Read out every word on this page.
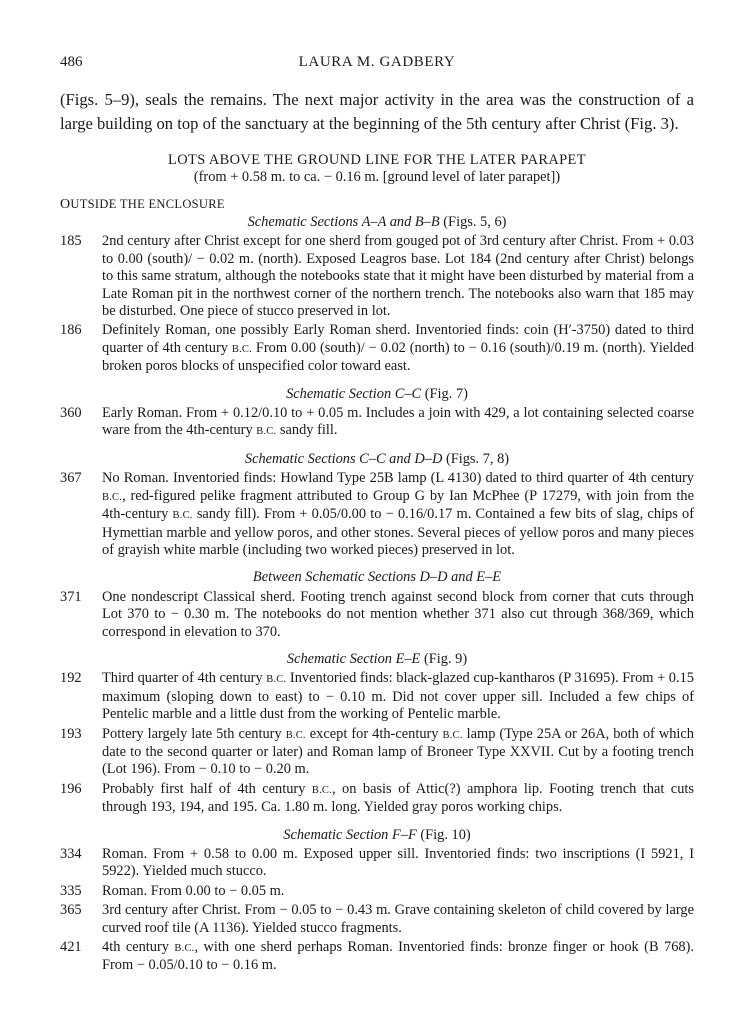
486	LAURA M. GADBERY

(Figs. 5–9), seals the remains. The next major activity in the area was the construction of a large building on top of the sanctuary at the beginning of the 5th century after Christ (Fig. 3).

LOTS ABOVE THE GROUND LINE FOR THE LATER PARAPET
(from + 0.58 m. to ca. − 0.16 m. [ground level of later parapet])
OUTSIDE THE ENCLOSURE
Schematic Sections A–A and B–B (Figs. 5, 6)
185 2nd century after Christ except for one sherd from gouged pot of 3rd century after Christ. From + 0.03 to 0.00 (south)/ − 0.02 m. (north). Exposed Leagros base. Lot 184 (2nd century after Christ) belongs to this same stratum, although the notebooks state that it might have been disturbed by material from a Late Roman pit in the northwest corner of the northern trench. The notebooks also warn that 185 may be disturbed. One piece of stucco preserved in lot.
186 Definitely Roman, one possibly Early Roman sherd. Inventoried finds: coin (H′-3750) dated to third quarter of 4th century B.C. From 0.00 (south)/ − 0.02 (north) to − 0.16 (south)/0.19 m. (north). Yielded broken poros blocks of unspecified color toward east.
Schematic Section C–C (Fig. 7)
360 Early Roman. From + 0.12/0.10 to + 0.05 m. Includes a join with 429, a lot containing selected coarse ware from the 4th-century B.C. sandy fill.
Schematic Sections C–C and D–D (Figs. 7, 8)
367 No Roman. Inventoried finds: Howland Type 25B lamp (L 4130) dated to third quarter of 4th century B.C., red-figured pelike fragment attributed to Group G by Ian McPhee (P 17279, with join from the 4th-century B.C. sandy fill). From + 0.05/0.00 to − 0.16/0.17 m. Contained a few bits of slag, chips of Hymettian marble and yellow poros, and other stones. Several pieces of yellow poros and many pieces of grayish white marble (including two worked pieces) preserved in lot.
Between Schematic Sections D–D and E–E
371 One nondescript Classical sherd. Footing trench against second block from corner that cuts through Lot 370 to − 0.30 m. The notebooks do not mention whether 371 also cut through 368/369, which correspond in elevation to 370.
Schematic Section E–E (Fig. 9)
192 Third quarter of 4th century B.C. Inventoried finds: black-glazed cup-kantharos (P 31695). From + 0.15 maximum (sloping down to east) to − 0.10 m. Did not cover upper sill. Included a few chips of Pentelic marble and a little dust from the working of Pentelic marble.
193 Pottery largely late 5th century B.C. except for 4th-century B.C. lamp (Type 25A or 26A, both of which date to the second quarter or later) and Roman lamp of Broneer Type XXVII. Cut by a footing trench (Lot 196). From − 0.10 to − 0.20 m.
196 Probably first half of 4th century B.C., on basis of Attic(?) amphora lip. Footing trench that cuts through 193, 194, and 195. Ca. 1.80 m. long. Yielded gray poros working chips.
Schematic Section F–F (Fig. 10)
334 Roman. From + 0.58 to 0.00 m. Exposed upper sill. Inventoried finds: two inscriptions (I 5921, I 5922). Yielded much stucco.
335 Roman. From 0.00 to − 0.05 m.
365 3rd century after Christ. From − 0.05 to − 0.43 m. Grave containing skeleton of child covered by large curved roof tile (A 1136). Yielded stucco fragments.
421 4th century B.C., with one sherd perhaps Roman. Inventoried finds: bronze finger or hook (B 768). From − 0.05/0.10 to − 0.16 m.
